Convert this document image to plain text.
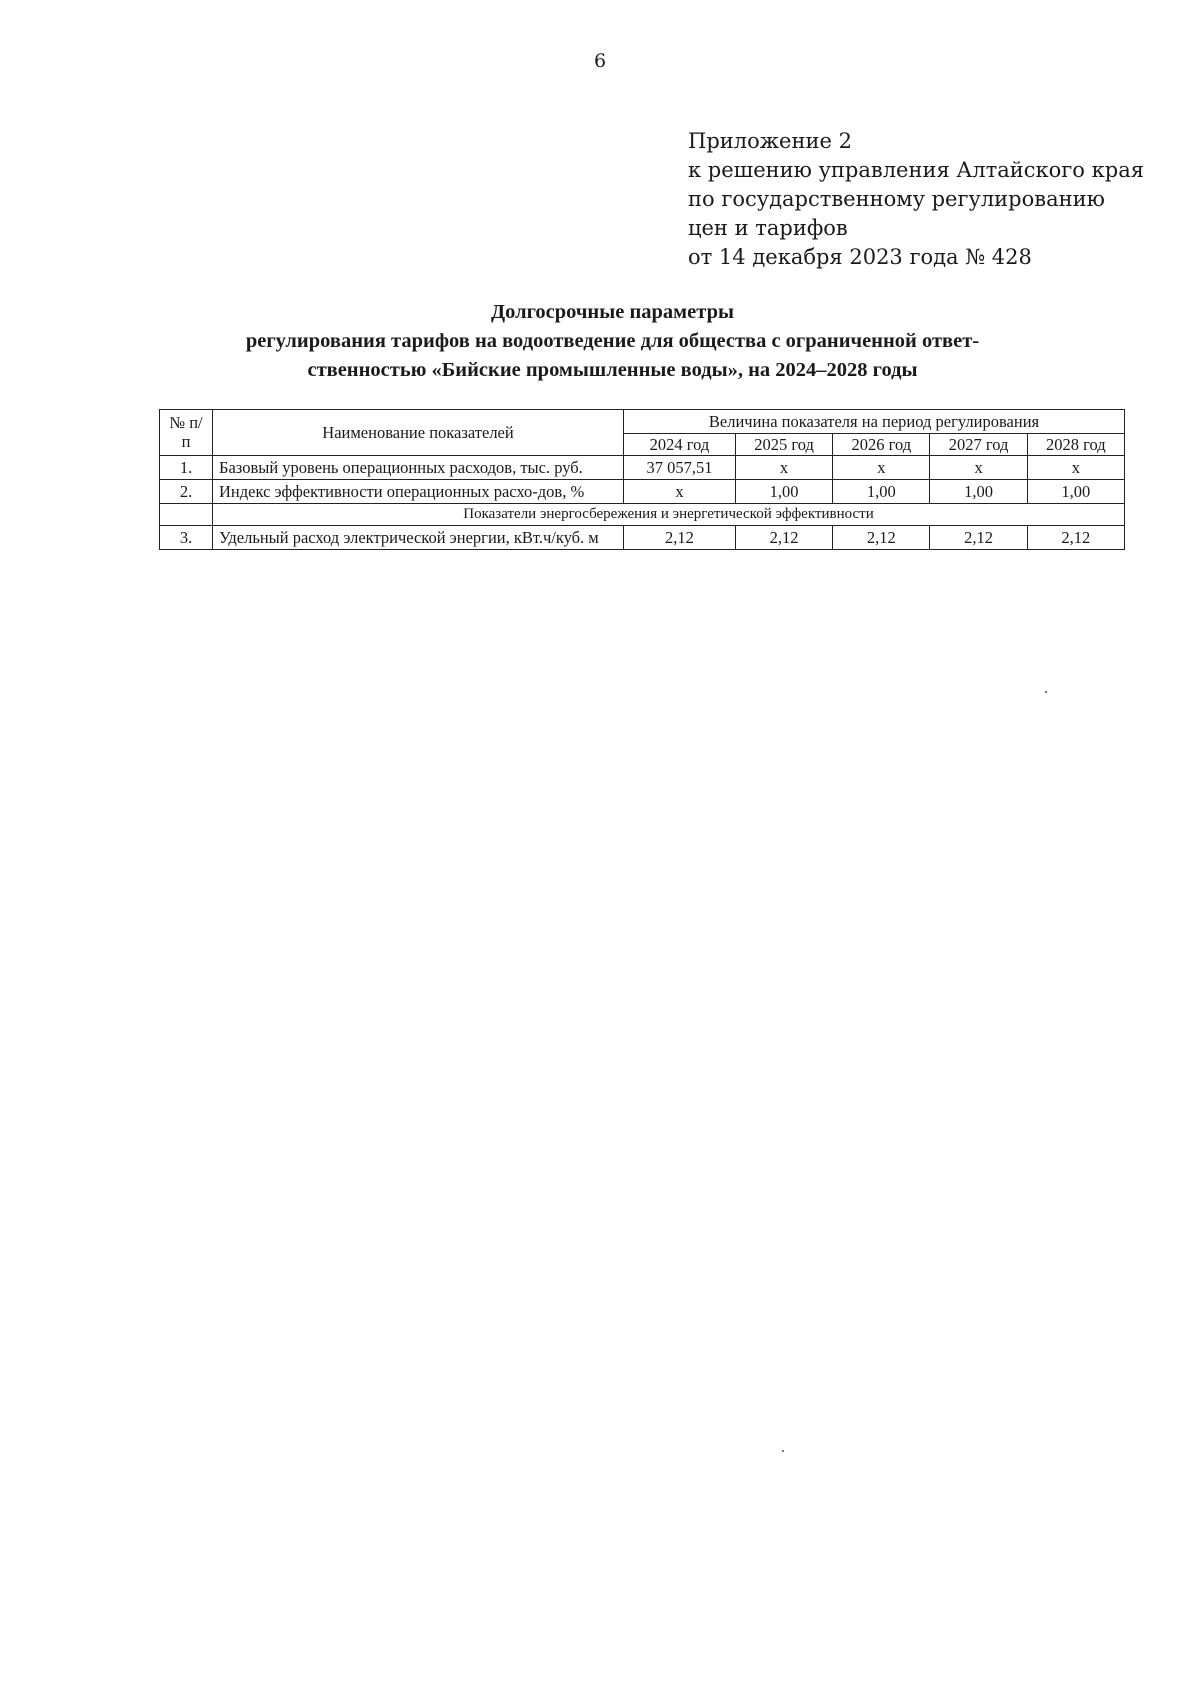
6
Приложение 2
к решению управления Алтайского края
по государственному регулированию
цен и тарифов
от 14 декабря 2023 года № 428
Долгосрочные параметры
регулирования тарифов на водоотведение для общества с ограниченной ответ-
ственностью «Бийские промышленные воды», на 2024–2028 годы
№ п/п	Наименование показателей	Величина показателя на период регулирования				
		2024 год	2025 год	2026 год	2027 год	2028 год
1.	Базовый уровень операционных расходов, тыс. руб.	37 057,51	х	х	х	х
2.	Индекс эффективности операционных расхо-дов, %	х	1,00	1,00	1,00	1,00
	Показатели энергосбережения и энергетической эффективности					
3.	Удельный расход электрической энергии, кВт.ч/куб. м	2,12	2,12	2,12	2,12	2,12
